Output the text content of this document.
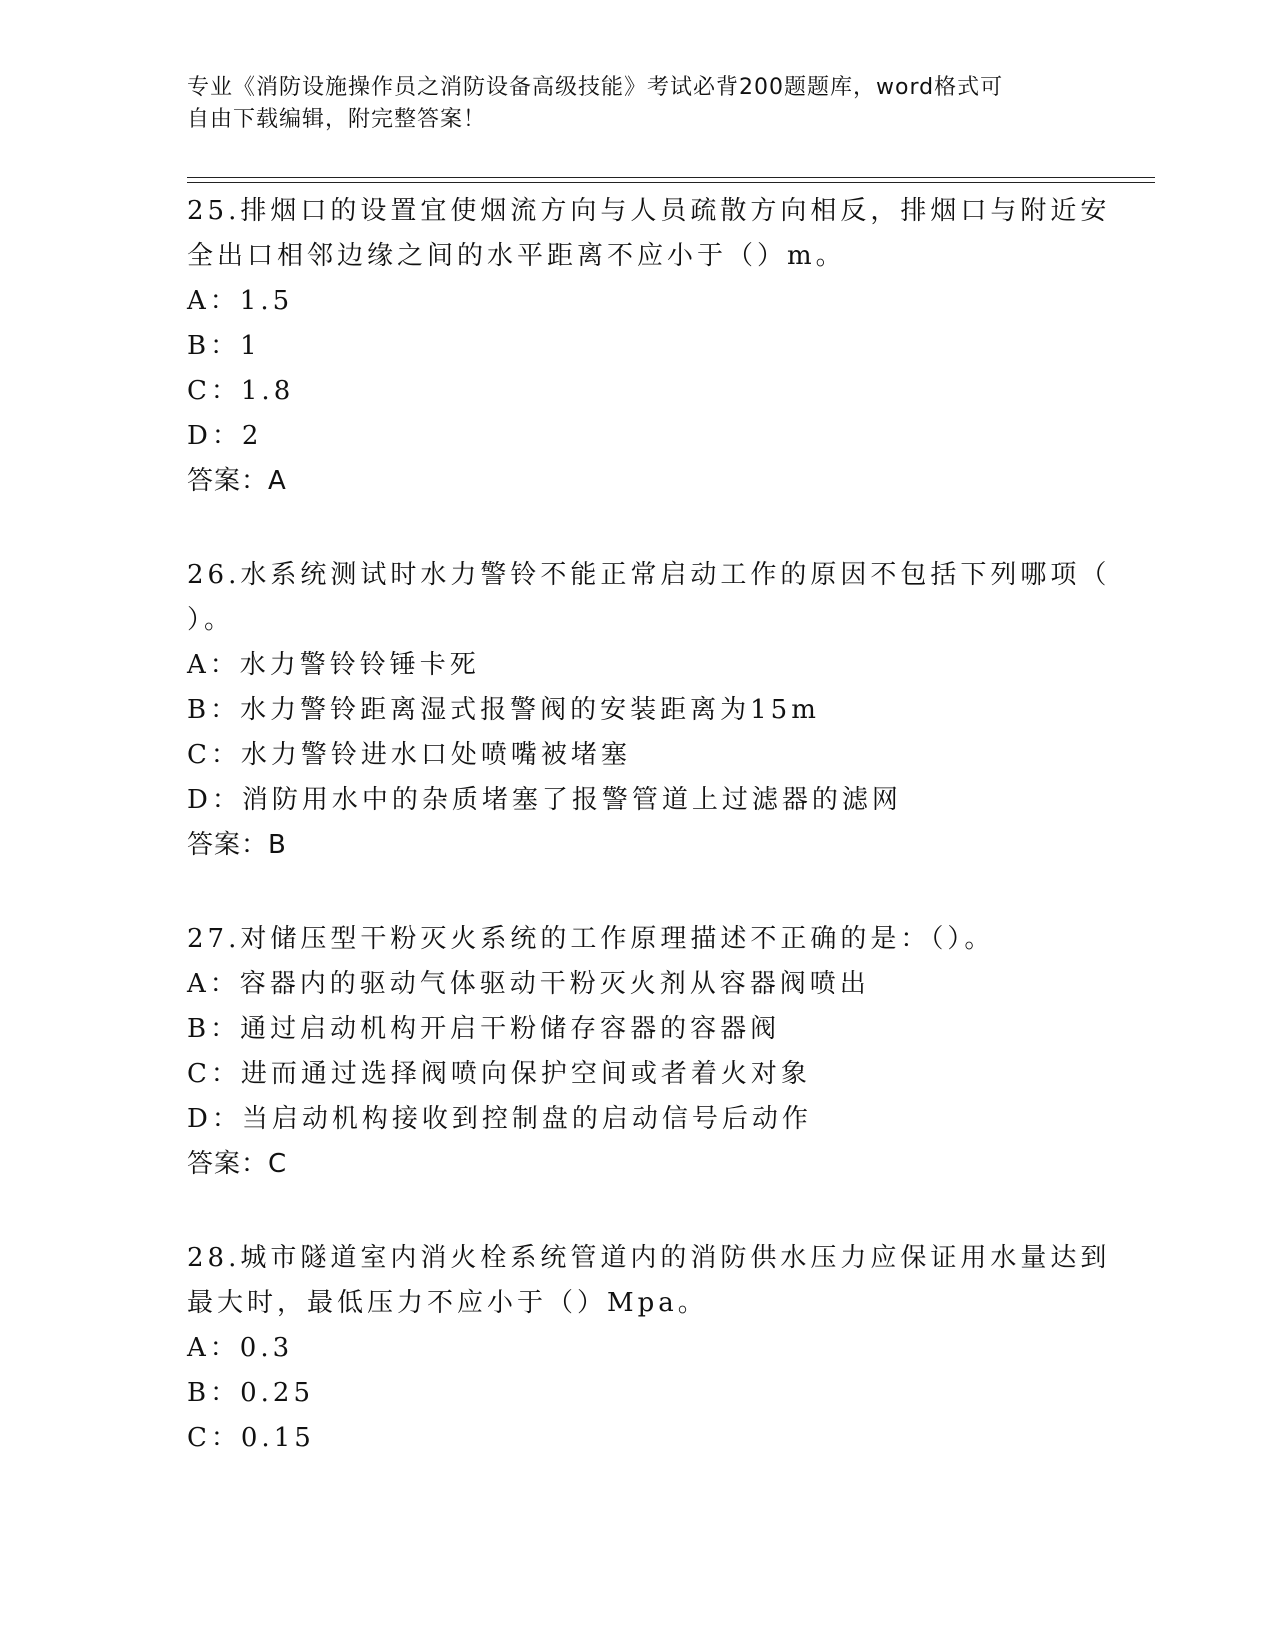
专业《消防设施操作员之消防设备高级技能》考试必背200题题库，word格式可
自由下载编辑，附完整答案！
25.排烟口的设置宜使烟流方向与人员疏散方向相反，排烟口与附近安
全出口相邻边缘之间的水平距离不应小于（）m。
A：1.5
B：1
C：1.8
D：2
答案：A
26.水系统测试时水力警铃不能正常启动工作的原因不包括下列哪项（
）。
A：水力警铃铃锤卡死
B：水力警铃距离湿式报警阀的安装距离为15m
C：水力警铃进水口处喷嘴被堵塞
D：消防用水中的杂质堵塞了报警管道上过滤器的滤网
答案：B
27.对储压型干粉灭火系统的工作原理描述不正确的是：（）。
A：容器内的驱动气体驱动干粉灭火剂从容器阀喷出
B：通过启动机构开启干粉储存容器的容器阀
C：进而通过选择阀喷向保护空间或者着火对象
D：当启动机构接收到控制盘的启动信号后动作
答案：C
28.城市隧道室内消火栓系统管道内的消防供水压力应保证用水量达到
最大时，最低压力不应小于（）Mpa。
A：0.3
B：0.25
C：0.15
